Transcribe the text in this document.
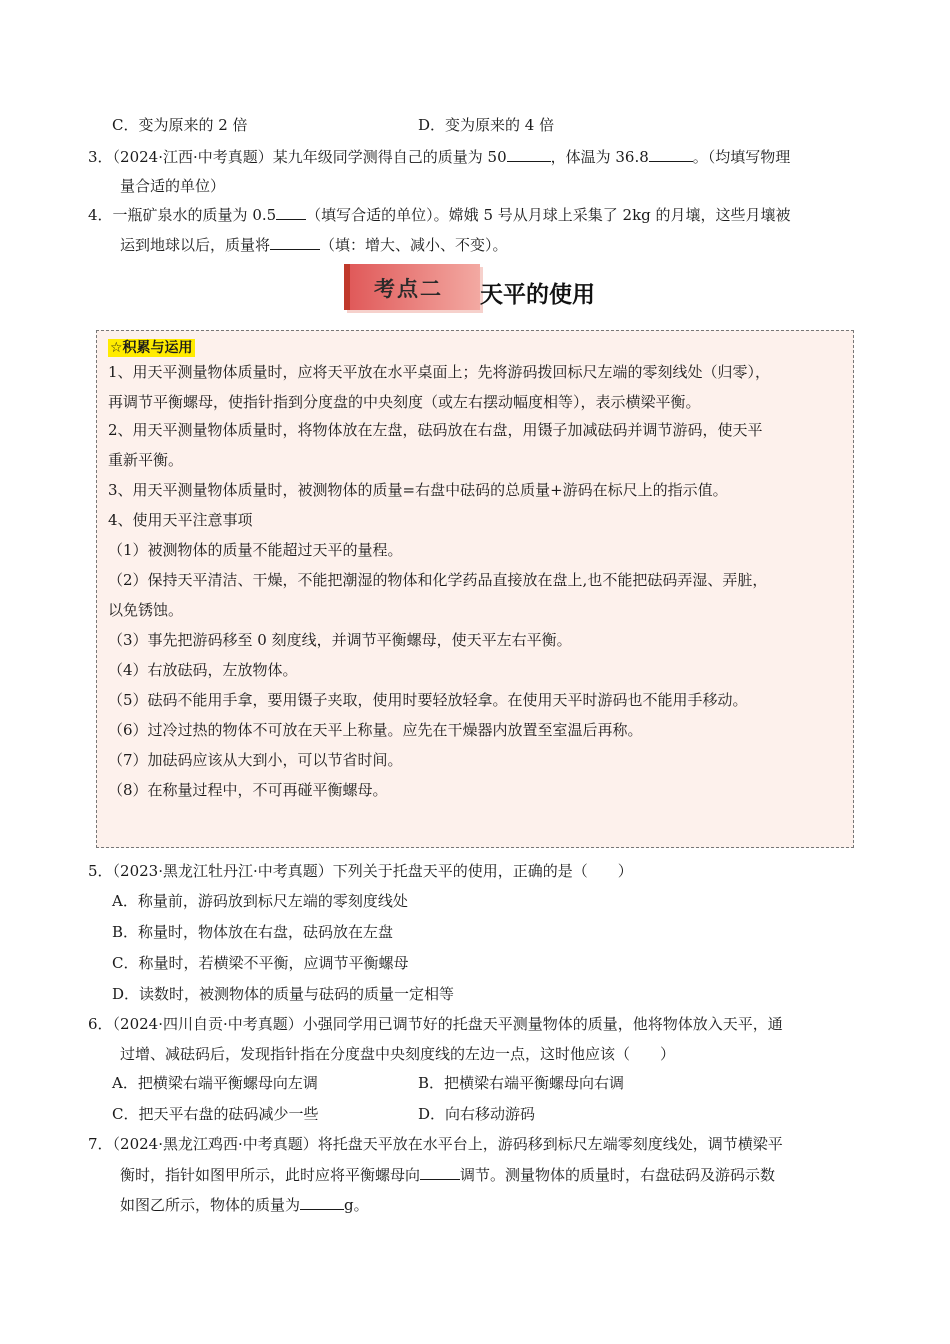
C．变为原来的 2 倍	D．变为原来的 4 倍
3．（2024·江西·中考真题）某九年级同学测得自己的质量为 50	，体温为 36.8	。（均填写物理
量合适的单位）
4．一瓶矿泉水的质量为 0.5 （填写合适的单位）。嫦娥 5 号从月球上采集了 2kg 的月壤，这些月壤被
运到地球以后，质量将	（填：增大、减小、不变）。
考点二 天平的使用
☆积累与运用
1、用天平测量物体质量时，应将天平放在水平桌面上；先将游码拨回标尺左端的零刻线处（归零），
再调节平衡螺母，使指针指到分度盘的中央刻度（或左右摆动幅度相等），表示横梁平衡。
2、用天平测量物体质量时，将物体放在左盘，砝码放在右盘，用镊子加减砝码并调节游码，使天平
重新平衡。
3、用天平测量物体质量时，被测物体的质量=右盘中砝码的总质量+游码在标尺上的指示值。
4、使用天平注意事项
（1）被测物体的质量不能超过天平的量程。
（2）保持天平清洁、干燥，不能把潮湿的物体和化学药品直接放在盘上,也不能把砝码弄湿、弄脏，
以免锈蚀。
（3）事先把游码移至 0 刻度线，并调节平衡螺母，使天平左右平衡。
（4）右放砝码，左放物体。
（5）砝码不能用手拿，要用镊子夹取，使用时要轻放轻拿。在使用天平时游码也不能用手移动。
（6）过冷过热的物体不可放在天平上称量。应先在干燥器内放置至室温后再称。
（7）加砝码应该从大到小，可以节省时间。
（8）在称量过程中，不可再碰平衡螺母。
5．（2023·黑龙江牡丹江·中考真题）下列关于托盘天平的使用，正确的是（　　）
A．称量前，游码放到标尺左端的零刻度线处
B．称量时，物体放在右盘，砝码放在左盘
C．称量时，若横梁不平衡，应调节平衡螺母
D．读数时，被测物体的质量与砝码的质量一定相等
6．（2024·四川自贡·中考真题）小强同学用已调节好的托盘天平测量物体的质量，他将物体放入天平，通
过增、减砝码后，发现指针指在分度盘中央刻度线的左边一点，这时他应该（　　）
A．把横梁右端平衡螺母向左调	B．把横梁右端平衡螺母向右调
C．把天平右盘的砝码减少一些	D．向右移动游码
7．（2024·黑龙江鸡西·中考真题）将托盘天平放在水平台上，游码移到标尺左端零刻度线处，调节横梁平
衡时，指针如图甲所示，此时应将平衡螺母向	调节。测量物体的质量时，右盘砝码及游码示数
如图乙所示，物体的质量为	g。
